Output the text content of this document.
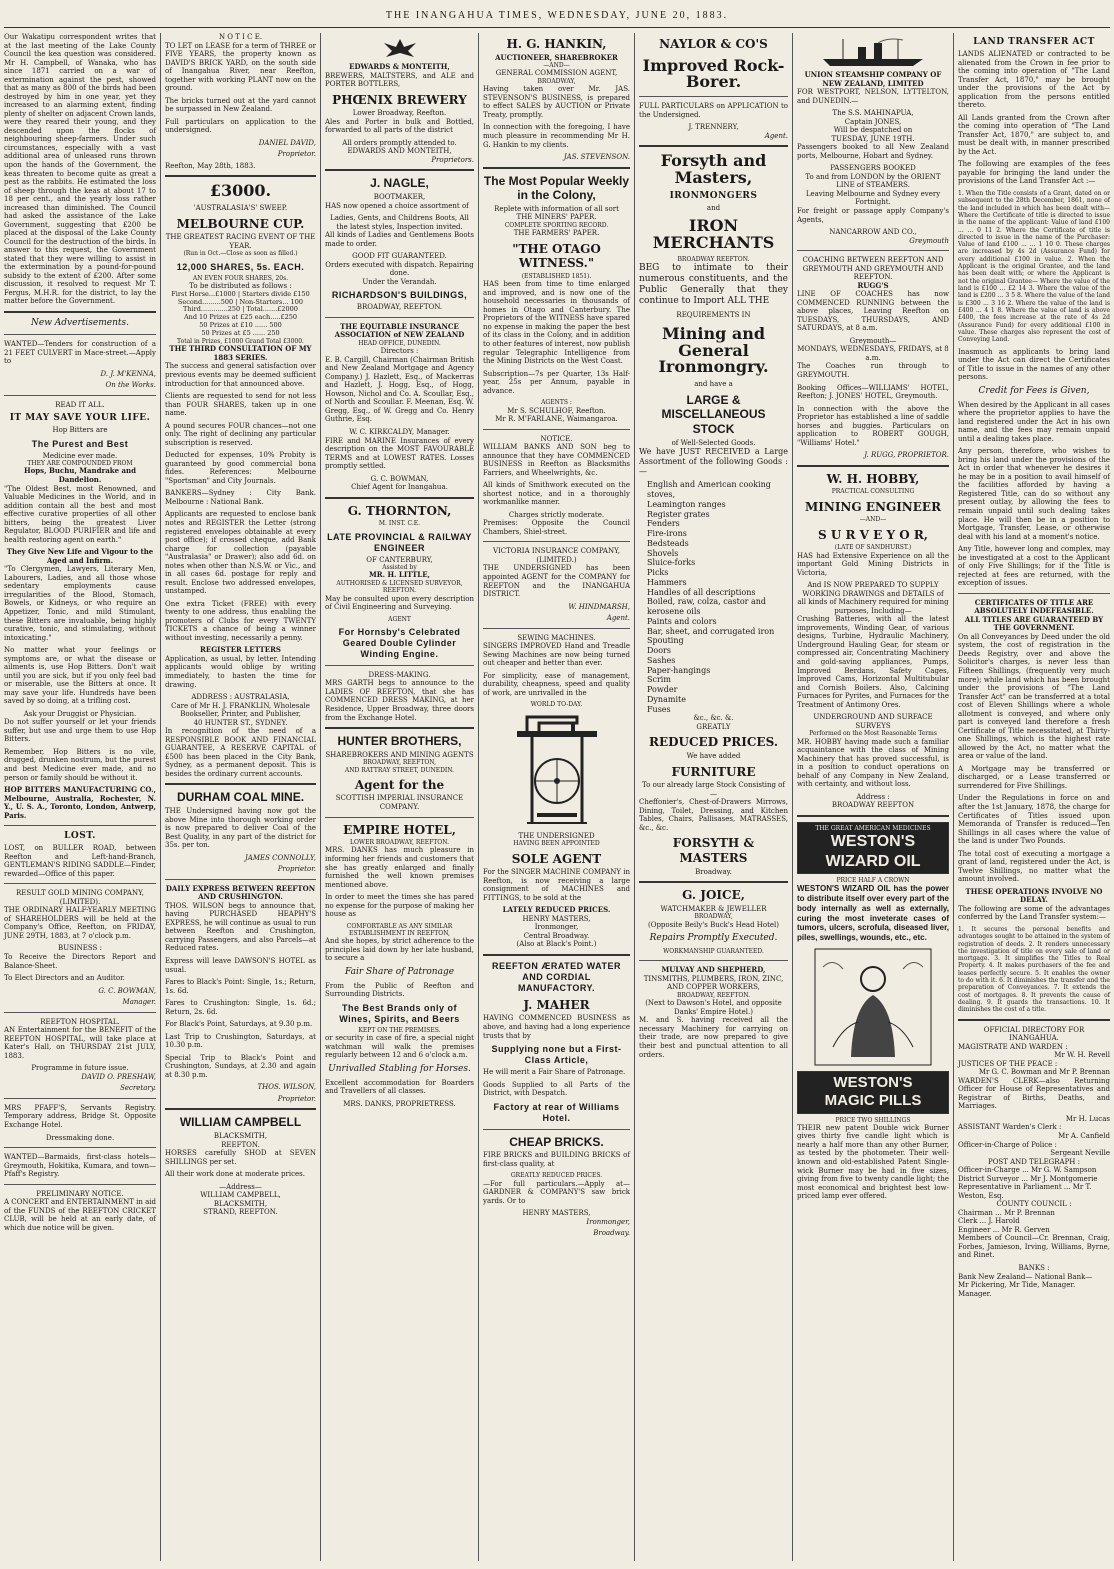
THE INANGAHUA TIMES, WEDNESDAY, JUNE 20, 1883.

Our Wakatipu correspondent writes that at the last meeting of the Lake County Council the kea question was considered. Mr H. Campbell, of Wanaka, who has since 1871 carried on a war of extermination against the pest, showed that as many as 800 of the birds had been destroyed by him in one year, yet they increased to an alarming extent, finding plenty of shelter on adjacent Crown lands, were they reared their young, and they descended upon the flocks of neighbouring sheep-farmers. Under such circumstances, especially with a vast additional area of unleased runs thrown upon the hands of the Government, the keas threaten to become quite as great a pest as the rabbits. He estimated the loss of sheep through the keas at about 17 to 18 per cent., and the yearly loss rather increased than diminished. The Council had asked the assistance of the Lake Government, suggesting that £200 be placed at the disposal of the Lake County Council for the destruction of the birds. In answer to this request, the Government stated that they were willing to assist in the extermination by a pound-for-pound subsidy to the extent of £200. After some discussion, it resolved to request Mr T. Fergus, M.H.R. for the district, to lay the matter before the Government.

New Advertisements.

WANTED—Tenders for construction of a 21 FEET CULVERT in Mace-street.—Apply to

D. J. M'KENNA,
On the Works.
READ IT ALL.
IT MAY SAVE YOUR LIFE.
Hop Bitters are
The Purest and Best
Medicine ever made.
THEY ARE COMPOUNDED FROM
Hops, Buchu, Mandrake and Dandelion.

"The Oldest Best, most Renowned, and Valuable Medicines in the World, and in addition contain all the best and most effective curative properties of all other bitters, being the greatest Liver Regulator, BLOOD PURIFIER and life and health restoring agent on earth."

They Give New Life and Vigour to the Aged and Infirm.

"To Clergymen, Lawyers, Literary Men, Labourers, Ladies, and all those whose sedentary employments cause irregularities of the Blood, Stomach, Bowels, or Kidneys, or who require an Appetizer, Tonic, and mild Stimulant, these Bitters are invaluable, being highly curative, tonic, and stimulating, without intoxicating."

No matter what your feelings or symptoms are, or what the disease or ailments is, use Hop Bitters. Don't wait until you are sick, but if you only feel bad or miserable, use the Bitters at once. It may save your life. Hundreds have been saved by so doing, at a trifling cost.

Ask your Druggist or Physician.

Do not suffer yourself or let your friends suffer, but use and urge them to use Hop Bitters.

Remember, Hop Bitters is no vile, drugged, drunken nostrum, but the purest and best Medicine ever made, and no person or family should be without it.

HOP BITTERS MANUFACTURING CO., Melbourne, Australia, Rochester, N. Y., U. S. A., Toronto, London, Antwerp, Paris.

LOST.

LOST, on BULLER ROAD, between Reefton and Left-hand-Branch, GENTLEMAN'S RIDING SADDLE—Finder, rewarded—Office of this paper.

RESULT GOLD MINING COMPANY, (LIMITED).

THE ORDINARY HALF-YEARLY MEETING of SHAREHOLDERS will be held at the Company's Office, Reefton, on FRIDAY, JUNE 29TH, 1883, at 7 o'clock p.m.

BUSINESS :

To Receive the Directors Report and Balance-Sheet.

To Elect Directors and an Auditor.

G. C. BOWMAN,
Manager.
REEFTON HOSPITAL.

AN Entertainment for the BENEFIT of the REEFTON HOSPITAL, will take place at Kater's Hall, on THURSDAY 21st JULY, 1883.

Programme in future issue.
DAVID O. PRESHAW,
Secretary.

MRS PFAFF'S, Servants Registry. Temporary address, Bridge St. Opposite Exchange Hotel.

Dressmaking done.

WANTED—Barmaids, first-class hotels—Greymouth, Hokitika, Kumara, and town—Pfaff's Registry.

PRELIMINARY NOTICE.

A CONCERT and ENTERTAINMENT in aid of the FUNDS of the REEFTON CRICKET CLUB, will be held at an early date, of which due notice will be given.

N O T I C E.

TO LET on LEASE for a term of THREE or FIVE YEARS, the property known as DAVID'S BRICK YARD, on the south side of Inangahua River, near Reefton, together with working PLANT now on the ground.

The bricks turned out at the yard cannot be surpassed in New Zealand.

Full particulars on application to the undersigned.

DANIEL DAVID,
Proprietor.
Reefton, May 28th, 1883.
£3000.
'AUSTRALASIA'S' SWEEP.
MELBOURNE CUP.
THE GREATEST RACING EVENT OF THE YEAR.
(Run in Oct.—Close as soon as filled.)
12,000 SHARES, 5s. EACH.
AN EVEN FOUR SHARES, 20s.
To be distributed as follows :
First Horse...£1000 | Starters divide £150
Second.........500 | Non-Starters... 100
Third.............250 | Total.......£2000
And 10 Prizes at £25 each.....£250
50 Prizes at £10 ...... 500
50 Prizes at £5 ...... 250
Total in Prizes, £1000 Grand Total £3000.
THE THIRD CONSULTATION OF MY 1883 SERIES.

The success and general satisfaction over previous events may be deemed sufficient introduction for that announced above.

Clients are requested to send for not less than FOUR SHARES, taken up in one name.

A pound secures FOUR chances—not one only. The right of declining any particular subscription is reserved.

Deducted for expenses, 10% Probity is guaranteed by good commercial bona fides. References: Melbourne "Sportsman" and City Journals.

BANKERS—Sydney : City Bank. Melbourne : National Bank.

Applicants are requested to enclose bank notes and REGISTER the Letter (strong registered envelopes obtainable at every post office); if crossed cheque, add Bank charge for collection (payable "Australasia" or Drawer); also add 6d. on notes when other than N.S.W. or Vic., and in all cases 6d. postage for reply and result. Enclose two addressed envelopes, unstamped.

One extra Ticket (FREE) with every twenty to one address, thus enabling the promoters of Clubs for every TWENTY TICKETS a chance of being a winner without investing, necessarily a penny.

REGISTER LETTERS

Application, as usual, by letter. Intending applicants would oblige by writing immediately, to hasten the time for drawing.

ADDRESS : AUSTRALASIA,
Care of Mr H. J. FRANKLIN, Wholesale Bookseller, Printer, and Publisher,
40 HUNTER ST., SYDNEY.

In recognition of the need of a RESPONSIBLE BOOK AND FINANCIAL GUARANTEE, A RESERVE CAPITAL of £500 has been placed in the City Bank, Sydney, as a permanent deposit. This is besides the ordinary current accounts.

DURHAM COAL MINE.

THE Undersigned having now got the above Mine into thorough working order is now prepared to deliver Coal of the Best Quality, in any part of the district for 35s. per ton.

JAMES CONNOLLY,
Proprietor.
DAILY EXPRESS BETWEEN REEFTON AND CRUSHINGTON.

THOS. WILSON begs to announce that, having PURCHASED HEAPHY'S EXPRESS, he will continue as usual to run between Reefton and Crushington, carrying Passengers, and also Parcels—at Reduced rates.

Express will leave DAWSON'S HOTEL as usual.

Fares to Black's Point: Single, 1s.; Return, 1s. 6d.

Fares to Crushington: Single, 1s. 6d.; Return, 2s. 6d.

For Black's Point, Saturdays, at 9.30 p.m.

Last Trip to Crushington, Saturdays, at 10.30 p.m.

Special Trip to Black's Point and Crushington, Sundays, at 2.30 and again at 8.30 p.m.

THOS. WILSON,
Proprietor.
WILLIAM CAMPBELL
BLACKSMITH,
REEFTON.

HORSES carefully SHOD at SEVEN SHILLINGS per set.

All their work done at moderate prices.

—Address—
WILLIAM CAMPBELL,
BLACKSMITH,
STRAND, REEFTON.
EDWARDS & MONTEITH,

BREWERS, MALTSTERS, and ALE and PORTER BOTTLERS,

PHŒNIX BREWERY
Lower Broadway, Reefton.

Ales and Porter in bulk and Bottled, forwarded to all parts of the district

All orders promptly attended to.
EDWARDS AND MONTEITH,
Proprietors.
J. NAGLE,
BOOTMAKER,

HAS now opened a choice assortment of

Ladies, Gents, and Childrens Boots, All the latest styles, Inspection invited.

All kinds of Ladies and Gentlemens Boots made to order.

GOOD FIT GUARANTEED.
Orders executed with dispatch. Repairing done.
Under the Verandah.
RICHARDSON'S BUILDINGS,
BROADWAY, REEFTON.
THE EQUITABLE INSURANCE ASSOCIATION of NEW ZEALAND
HEAD OFFICE, DUNEDIN.
Directors :

E. B. Cargill, Chairman (Chairman British and New Zealand Mortgage and Agency Company.) J. Hazlett, Esq., of Mackerras and Hazlett, J. Hogg, Esq., of Hogg, Howson, Nichol and Co. A. Scoullar, Esq., of North and Scoullar. F. Meenan, Esq. W. Gregg, Esq., of W. Gregg and Co. Henry Guthrie, Esq.

W. C. KIRKCALDY, Manager.

FIRE and MARINE Insurances of every description on the MOST FAVOURABLE TERMS and at LOWEST RATES. Losses promptly settled.

G. C. BOWMAN,
Chief Agent for Inangahua.
G. THORNTON,
M. INST. C.E.
LATE PROVINCIAL & RAILWAY ENGINEER
OF CANTERBURY,
Assisted by
MR. H. LITTLE,
AUTHORISED & LICENSED SURVEYOR, REEFTON.

May be consulted upon every description of Civil Engineering and Surveying.

AGENT
For Hornsby's Celebrated Geared Double Cylinder Winding Engine.
DRESS-MAKING.

MRS GARTH begs to announce to the LADIES OF REEFTON, that she has COMMENCED DRESS MAKING, at her Residence, Upper Broadway, three doors from the Exchange Hotel.

HUNTER BROTHERS,
SHAREBROKERS AND MINING AGENTS
BROADWAY, REEFTON,
AND RATTRAY STREET, DUNEDIN.
Agent for the
SCOTTISH IMPERIAL INSURANCE COMPANY.
EMPIRE HOTEL,
LOWER BROADWAY, REEFTON.

MRS. DANKS has much pleasure in informing her friends and customers that she has greatly enlarged and finally furnished the well known premises mentioned above.

In order to meet the times she has pared no expense for the purpose of making her house as

COMFORTABLE AS ANY SIMILAR ESTABLISHMENT IN REEFTON,

And she hopes, by strict adherence to the principles laid down by her late husband, to secure a

Fair Share of Patronage

From the Public of Reefton and Surrounding Districts.

The Best Brands only of Wines, Spirits, and Beers
KEPT ON THE PREMISES.

or security in case of fire, a special night watchman will walk the premises regularly between 12 and 6 o'clock a.m.

Unrivalled Stabling for Horses.

Excellent accommodation for Boarders and Travellers of all classes.

MRS. DANKS, PROPRIETRESS.
H. G. HANKIN,
AUCTIONEER, SHAREBROKER
—AND—
GENERAL COMMISSION AGENT,
BROADWAY,

Having taken over Mr. JAS. STEVENSON'S BUSINESS, is prepared to effect SALES by AUCTION or Private Treaty, promptly.

In connection with the foregoing, I have much pleasure in recommending Mr H. G. Hankin to my clients.

JAS. STEVENSON.
The Most Popular Weekly in the Colony,
Replete with information of all sort
THE MINERS' PAPER.
COMPLETE SPORTING RECORD.
THE FARMERS' PAPER.
"THE OTAGO WITNESS."
(ESTABLISHED 1851).

HAS been from time to time enlarged and improved, and is now one of the household necessaries in thousands of homes in Otago and Canterbury. The Proprietors of the WITNESS have spared no expense in making the paper the best of its class in the Colony, and in addition to other features of interest, now publish regular Telegraphic Intelligence from the Mining Districts on the West Coast.

Subscription—7s per Quarter, 13s Half-year, 25s per Annum, payable in advance.

AGENTS :
Mr S. SCHULHOF, Reefton.
Mr R. M'FARLANE, Waimangaroa.
NOTICE.

WILLIAM BANKS AND SON beg to announce that they have COMMENCED BUSINESS in Reefton as Blacksmiths Farriers, and Wheelwrights, &c.

All kinds of Smithwork executed on the shortest notice, and in a thoroughly workmanlike manner.

Charges strictly moderate.

Premises: Opposite the Council Chambers, Shiel-street.

VICTORIA INSURANCE COMPANY, (LIMITED.)

THE UNDERSIGNED has been appointed AGENT for the COMPANY for REEFTON and the INANGAHUA DISTRICT.

W. HINDMARSH,
Agent.
SEWING MACHINES.

SINGERS IMPROVED Hand and Treadle Sewing Machines are now being turned out cheaper and better than ever.

For simplicity, ease of management, durability, cheapness, speed and quality of work, are unrivalled in the

WORLD TO-DAY.
THE UNDERSIGNED
HAVING BEEN APPOINTED
SOLE AGENT

For the SINGER MACHINE COMPANY in Reefton, is now receiving a large consignment of MACHINES and FITTINGS, to be sold at the

LATELY REDUCED PRICES.
HENRY MASTERS,
Ironmonger,
Central Broadway.
(Also at Black's Point.)
REEFTON ÆRATED WATER AND CORDIAL MANUFACTORY.
J. MAHER

HAVING COMMENCED BUSINESS as above, and having had a long experience trusts that by

Supplying none but a First-Class Article,

He will merit a Fair Share of Patronage.

Goods Supplied to all Parts of the District, with Despatch.

Factory at rear of Williams Hotel.
CHEAP BRICKS.

FIRE BRICKS and BUILDING BRICKS of first-class quality, at

GREATLY REDUCED PRICES.

—For full particulars.—Apply at— GARDNER & COMPANY'S saw brick yards. Or to

HENRY MASTERS,
Ironmonger,
Broadway.
NAYLOR & CO'S
Improved Rock-Borer.

FULL PARTICULARS on APPLICATION to the Undersigned.

J. TRENNERY,
Agent.
Forsyth and Masters,
IRONMONGERS
and
IRON MERCHANTS
BROADWAY REEFTON.

BEG to intimate to their numerous constituents, and the Public Generally that they continue to Import ALL THE

REQUIREMENTS IN
Mining and General Ironmongry.
and have a
LARGE & MISCELLANEOUS STOCK
of Well-Selected Goods.

We have JUST RECEIVED a Large Assortment of the following Goods :—

English and American cooking stoves,
Leamington ranges
Register grates
Fenders
Fire-irons
Bedsteads
Shovels
Sluice-forks
Picks
Hammers
Handles of all descriptions
Boiled, raw, colza, castor and kerosene oils
Paints and colors
Bar, sheet, and corrugated iron
Spouting
Doors
Sashes
Paper-hangings
Scrim
Powder
Dynamite
Fuses
&c., &c. &.
GREATLY
REDUCED PRICES.
We have added
FURNITURE
To our already large Stock Consisting of—

Cheffonier's, Chest-of-Drawers Mirrows, Dining, Toilet, Dressing, and Kitchen Tables, Chairs, Pallisases, MATRASSES, &c., &c.

FORSYTH & MASTERS
Broadway.
G. JOICE,
WATCHMAKER & JEWELLER
BROADWAY,
(Opposite Beily's Buck's Head Hotel)
Repairs Promptly Executed.
WORKMANSHIP GUARANTEED.
MULVAY AND SHEPHERD,
TINSMITHS, PLUMBERS, IRON, ZINC, AND COPPER WORKERS,
BROADWAY, REEFTON.
(Next to Dawson's Hotel, and opposite Danks' Empire Hotel.)

M. and S. having received all the necessary Machinery for carrying on their trade, are now prepared to give their best and punctual attention to all orders.

UNION STEAMSHIP COMPANY OF NEW ZEALAND, LIMITED

FOR WESTPORT, NELSON, LYTTELTON, and DUNEDIN.—

The S.S. MAHINAPUA,
Captain JONES,
Will be despatched on
TUESDAY, JUNE 19TH.

Passengers booked to all New Zealand ports, Melbourne, Hobart and Sydney.

PASSENGERS BOOKED
To and from LONDON by the ORIENT LINE of STEAMERS.
Leaving Melbourne and Sydney every Fortnight.

For freight or passage apply Company's Agents,

NANCARROW AND CO.,
Greymouth
COACHING BETWEEN REEFTON AND GREYMOUTH AND GREYMOUTH AND REEFTON.
RUGG'S

LINE OF COACHES has now COMMENCED RUNNING between the above places, Leaving Reefton on TUESDAYS, THURSDAYS, AND SATURDAYS, at 8 a.m.

Greymouth—
MONDAYS, WEDNESDAYS, FRIDAYS, at 8 a.m.

The Coaches run through to GREYMOUTH.

Booking Offices—WILLIAMS' HOTEL, Reefton; J. JONES' HOTEL, Greymouth.

In connection with the above the Proprietor has established a line of saddle horses and buggies. Particulars on application to ROBERT GOUGH, "Williams' Hotel."

J. RUGG, PROPRIETOR.
W. H. HOBBY,
PRACTICAL CONSULTING
MINING ENGINEER
—AND—
S U R V E Y O R,
(LATE OF SANDHURST.)

HAS had Extensive Experience on all the important Gold Mining Districts in Victoria,

And IS NOW PREPARED TO SUPPLY WORKING DRAWINGS and DETAILS of all kinds of Machinery required for mining purposes, Including—

Crushing Batteries, with all the latest improvements, Winding Gear, of various designs, Turbine, Hydraulic Machinery, Underground Hauling Gear, for steam or compressed air, Concentrating Machinery and gold-saving appliances, Pumps, Improved Berdans, Safety Cages, Improved Cams, Horizontal Multitubular and Cornish Boilers. Also, Calcining Furnaces for Pyrites, and Furnaces for the Treatment of Antimony Ores.

UNDERGROUND AND SURFACE SURVEYS
Performed on the Most Reasonable Terms

MR. HOBBY having made such a familiar acquaintance with the class of Mining Machinery that has proved successful, is in a position to conduct operations on behalf of any Company in New Zealand, with certainty, and without loss.

Address :
BROADWAY REEFTON
THE GREAT AMERICAN MEDICINES
WESTON'S
WIZARD OIL
PRICE HALF A CROWN

WESTON'S WIZARD OIL has the power to distribute itself over every part of the body internally as well as externally, curing the most inveterate cases of tumors, ulcers, scrofula, diseased liver, piles, swellings, wounds, etc., etc.

WESTON'S
MAGIC PILLS
PRICE TWO SHILLINGS

THEIR new patent Double wick Burner gives thirty five candle light which is nearly a half more than any other Burner, as tested by the photometer. Their well-known and old-established Patent Single-wick Burner may be had in five sizes, giving from five to twenty candle light; the most economical and brightest best low-priced lamp ever offered.

LAND TRANSFER ACT

LANDS ALIENATED or contracted to be alienated from the Crown in fee prior to the coming into operation of "The Land Transfer Act, 1870," may be brought under the provisions of the Act by application from the persons entitled thereto.

All Lands granted from the Crown after the coming into operation of "The Land Transfer Act, 1870," are subject to, and must be dealt with, in manner prescribed by the Act.

The following are examples of the fees payable for bringing the land under the provisions of the Land Transfer Act :—

1. When the Title consists of a Grant, dated on or subsequent to the 28th December, 1861, none of the land included in which has been dealt with— Where the Certificate of title is directed to issue in the name of the applicant: Value of land £100 ... ... 0 11 2. Where the Certificate of title is directed to issue in the name of the Purchaser: Value of land £100 ... ... 1 10 0. These charges are increased by 4s 2d (Assurance Fund) for every additional £100 in value. 2. When the Applicant is the original Grantee, and the land has been dealt with; or where the Applicant is not the original Grantee— Where the value of the land is £100 ... £2 14 3. Where the value of the land is £200 ... 3 5 8. Where the value of the land is £300 ... 3 16 2. Where the value of the land is £400 ... 4 1 8. Where the value of land is above £400, the fees increase at the rate of 4s 2d (Assurance Fund) for every additional £100 in value. These charges also represent the cost of Conveying Land.

Inasmuch as applicants to bring land under the Act can direct the Certificates of Title to issue in the names of any other persons.

Credit for Fees is Given,

When desired by the Applicant in all cases where the proprietor applies to have the land registered under the Act in his own name, and the fees may remain unpaid until a dealing takes place.

Any person, therefore, who wishes to bring his land under the provisions of the Act in order that whenever he desires it he may be in a position to avail himself of the facilities afforded by having a Registered Title, can do so without any present outlay, by allowing the fees to remain unpaid until such dealing takes place. He will then be in a position to Mortgage, Transfer, Lease, or otherwise deal with his land at a moment's notice.

Any Title, however long and complex, may be investigated at a cost to the Applicant of only Five Shillings; for if the Title is rejected at fees are returned, with the exception of issues.

CERTIFICATES OF TITLE ARE ABSOLUTELY INDEFEASIBLE.
ALL TITLES ARE GUARANTEED BY THE GOVERNMENT.

On all Conveyances by Deed under the old system, the cost of registration in the Deeds Registry, over and above the Solicitor's charges, is never less than Fifteen Shillings, (frequently very much more); while land which has been brought under the provisions of "The Land Transfer Act" can be transferred at a total cost of Eleven Shillings where a whole allotment is conveyed, and where only part is conveyed land therefore a fresh Certificate of Title necessitated, at Thirty-one Shillings, which is the highest rate allowed by the Act, no matter what the area or value of the land.

A Mortgage may be transferred or discharged, or a Lease transferred or surrendered for Five Shillings.

Under the Regulations in force on and after the 1st January, 1878, the charge for Certificates of Titles issued upon Memoranda of Transfer is reduced—Ten Shillings in all cases where the value of the land is under Two Pounds.

The total cost of executing a mortgage a grant of land, registered under the Act, is Twelve Shillings, no matter what the amount involved.

THESE OPERATIONS INVOLVE NO DELAY.

The following are some of the advantages conferred by the Land Transfer system:—

1. It secures the personal benefits and advantages sought to be attained in the system of registration of deeds. 2. It renders unnecessary the investigation of title on every sale of land or mortgage. 3. It simplifies the Titles to Real Property. 4. It makes purchasers of the fee and leases perfectly secure. 5. It enables the owner to do with it. 6. It diminishes the transfer and the preparation of Conveyances. 7. It extends the cost of mortgages. 8. It prevents the cause of dealing. 9. It guards the transactions. 10. It diminishes the cost of a title.

OFFICIAL DIRECTORY FOR INANGAHUA.
MAGISTRATE AND WARDEN :
Mr W. H. Revell
JUSTICES OF THE PEACE :
Mr G. C. Bowman and Mr P. Brennan

WARDEN'S CLERK—also Returning Officer for House of Representatives and Registrar of Births, Deaths, and Marriages.

Mr H. Lucas
ASSISTANT Warden's Clerk :
Mr A. Canfield
Officer-in-Charge of Police :
Sergeant Neville
POST AND TELEGRAPH :
Officer-in-Charge ... Mr G. W. Sampson
District Surveyor ... Mr J. Montgomerie
Representative in Parliament ... Mr T. Weston, Esq.
COUNTY COUNCIL :
Chairman ... Mr P. Brennan
Clerk ... J. Harold
Engineer ... Mr R. Gerven

Members of Council—Cr. Brennan, Craig, Forbes, Jamieson, Irving, Williams, Byrne, and Rinet.

BANKS :
Bank New Zealand— National Bank—
Mr Pickering, Mr Tide, Manager. Manager.
